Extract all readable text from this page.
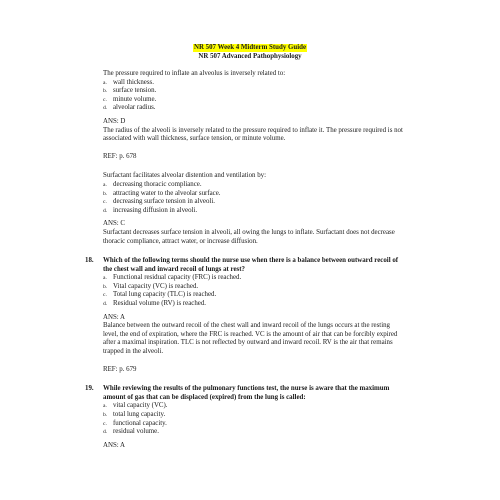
NR 507 Week 4 Midterm Study Guide
NR 507 Advanced Pathophysiology

The pressure required to inflate an alveolus is inversely related to:

a. wall thickness.
b. surface tension.
c. minute volume.
d. alveolar radius.
ANS: D
The radius of the alveoli is inversely related to the pressure required to inflate it. The pressure required is not associated with wall thickness, surface tension, or minute volume.
REF: p. 678

Surfactant facilitates alveolar distention and ventilation by:

a. decreasing thoracic compliance.
b. attracting water to the alveolar surface.
c. decreasing surface tension in alveoli.
d. increasing diffusion in alveoli.
ANS: C
Surfactant decreases surface tension in alveoli, all owing the lungs to inflate. Surfactant does not decrease thoracic compliance, attract water, or increase diffusion.
18. Which of the following terms should the nurse use when there is a balance between outward recoil of the chest wall and inward recoil of lungs at rest?
a. Functional residual capacity (FRC) is reached.
b. Vital capacity (VC) is reached.
c. Total lung capacity (TLC) is reached.
d. Residual volume (RV) is reached.
ANS: A
Balance between the outward recoil of the chest wall and inward recoil of the lungs occurs at the resting level, the end of expiration, where the FRC is reached. VC is the amount of air that can be forcibly expired after a maximal inspiration. TLC is not reflected by outward and inward recoil. RV is the air that remains trapped in the alveoli.
REF: p. 679
19. While reviewing the results of the pulmonary functions test, the nurse is aware that the maximum amount of gas that can be displaced (expired) from the lung is called:
a. vital capacity (VC).
b. total lung capacity.
c. functional capacity.
d. residual volume.
ANS: A
